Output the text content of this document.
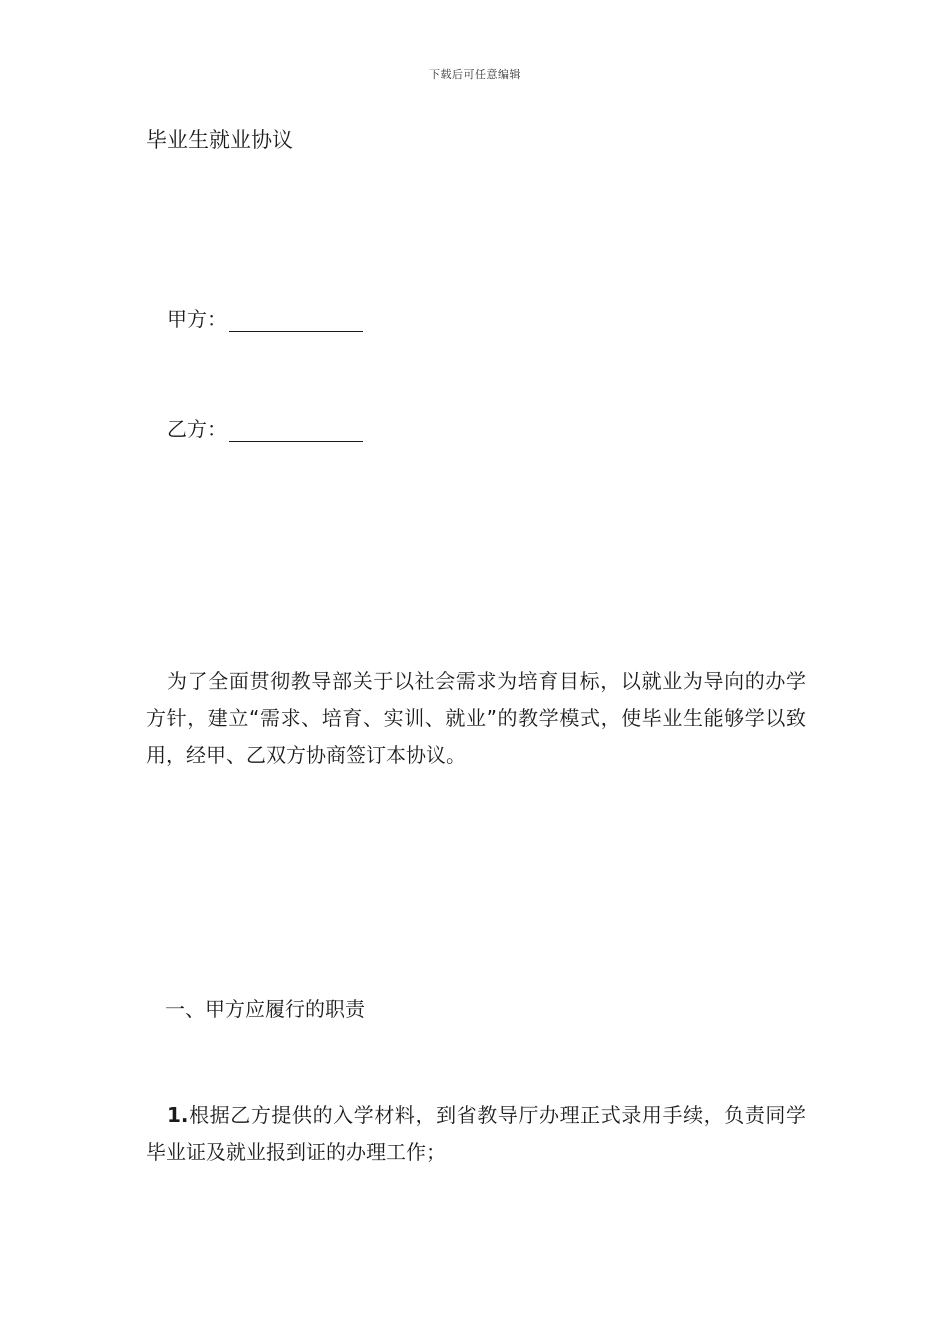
下载后可任意编辑
毕业生就业协议
甲方：
乙方：
为了全面贯彻教导部关于以社会需求为培育目标，以就业为导向的办学方针，建立“需求、培育、实训、就业”的教学模式，使毕业生能够学以致用，经甲、乙双方协商签订本协议。
一、甲方应履行的职责
1.根据乙方提供的入学材料，到省教导厅办理正式录用手续，负责同学毕业证及就业报到证的办理工作；
